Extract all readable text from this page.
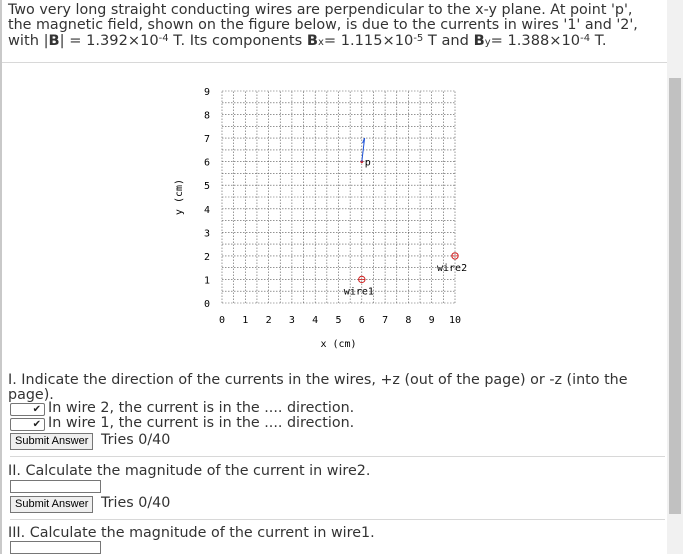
Two very long straight conducting wires are perpendicular to the x-y plane. At point 'p',
the magnetic field, shown on the figure below, is due to the currents in wires '1' and '2',
with $|B| = 1.392\times 10^{-4}$ T. Its components $B_x= 1.115\times 10^{-5}$ T and $B_y= 1.388\times 10^{-4}$ T.
0 1 2 3 4 5 6 7 8 9 10
0
1
2
3
4
5
6
7
8
9
x (cm)
y (cm)
p
wire1
wire2
I. Indicate the direction of the currents in the wires, +z (out of the page) or -z (into the
page).
✔ In wire 2, the current is in the .... direction.
✔ In wire 1, the current is in the .... direction.
Submit Answer Tries 0/40
II. Calculate the magnitude of the current in wire2.
Submit Answer Tries 0/40
III. Calculate the magnitude of the current in wire1.
